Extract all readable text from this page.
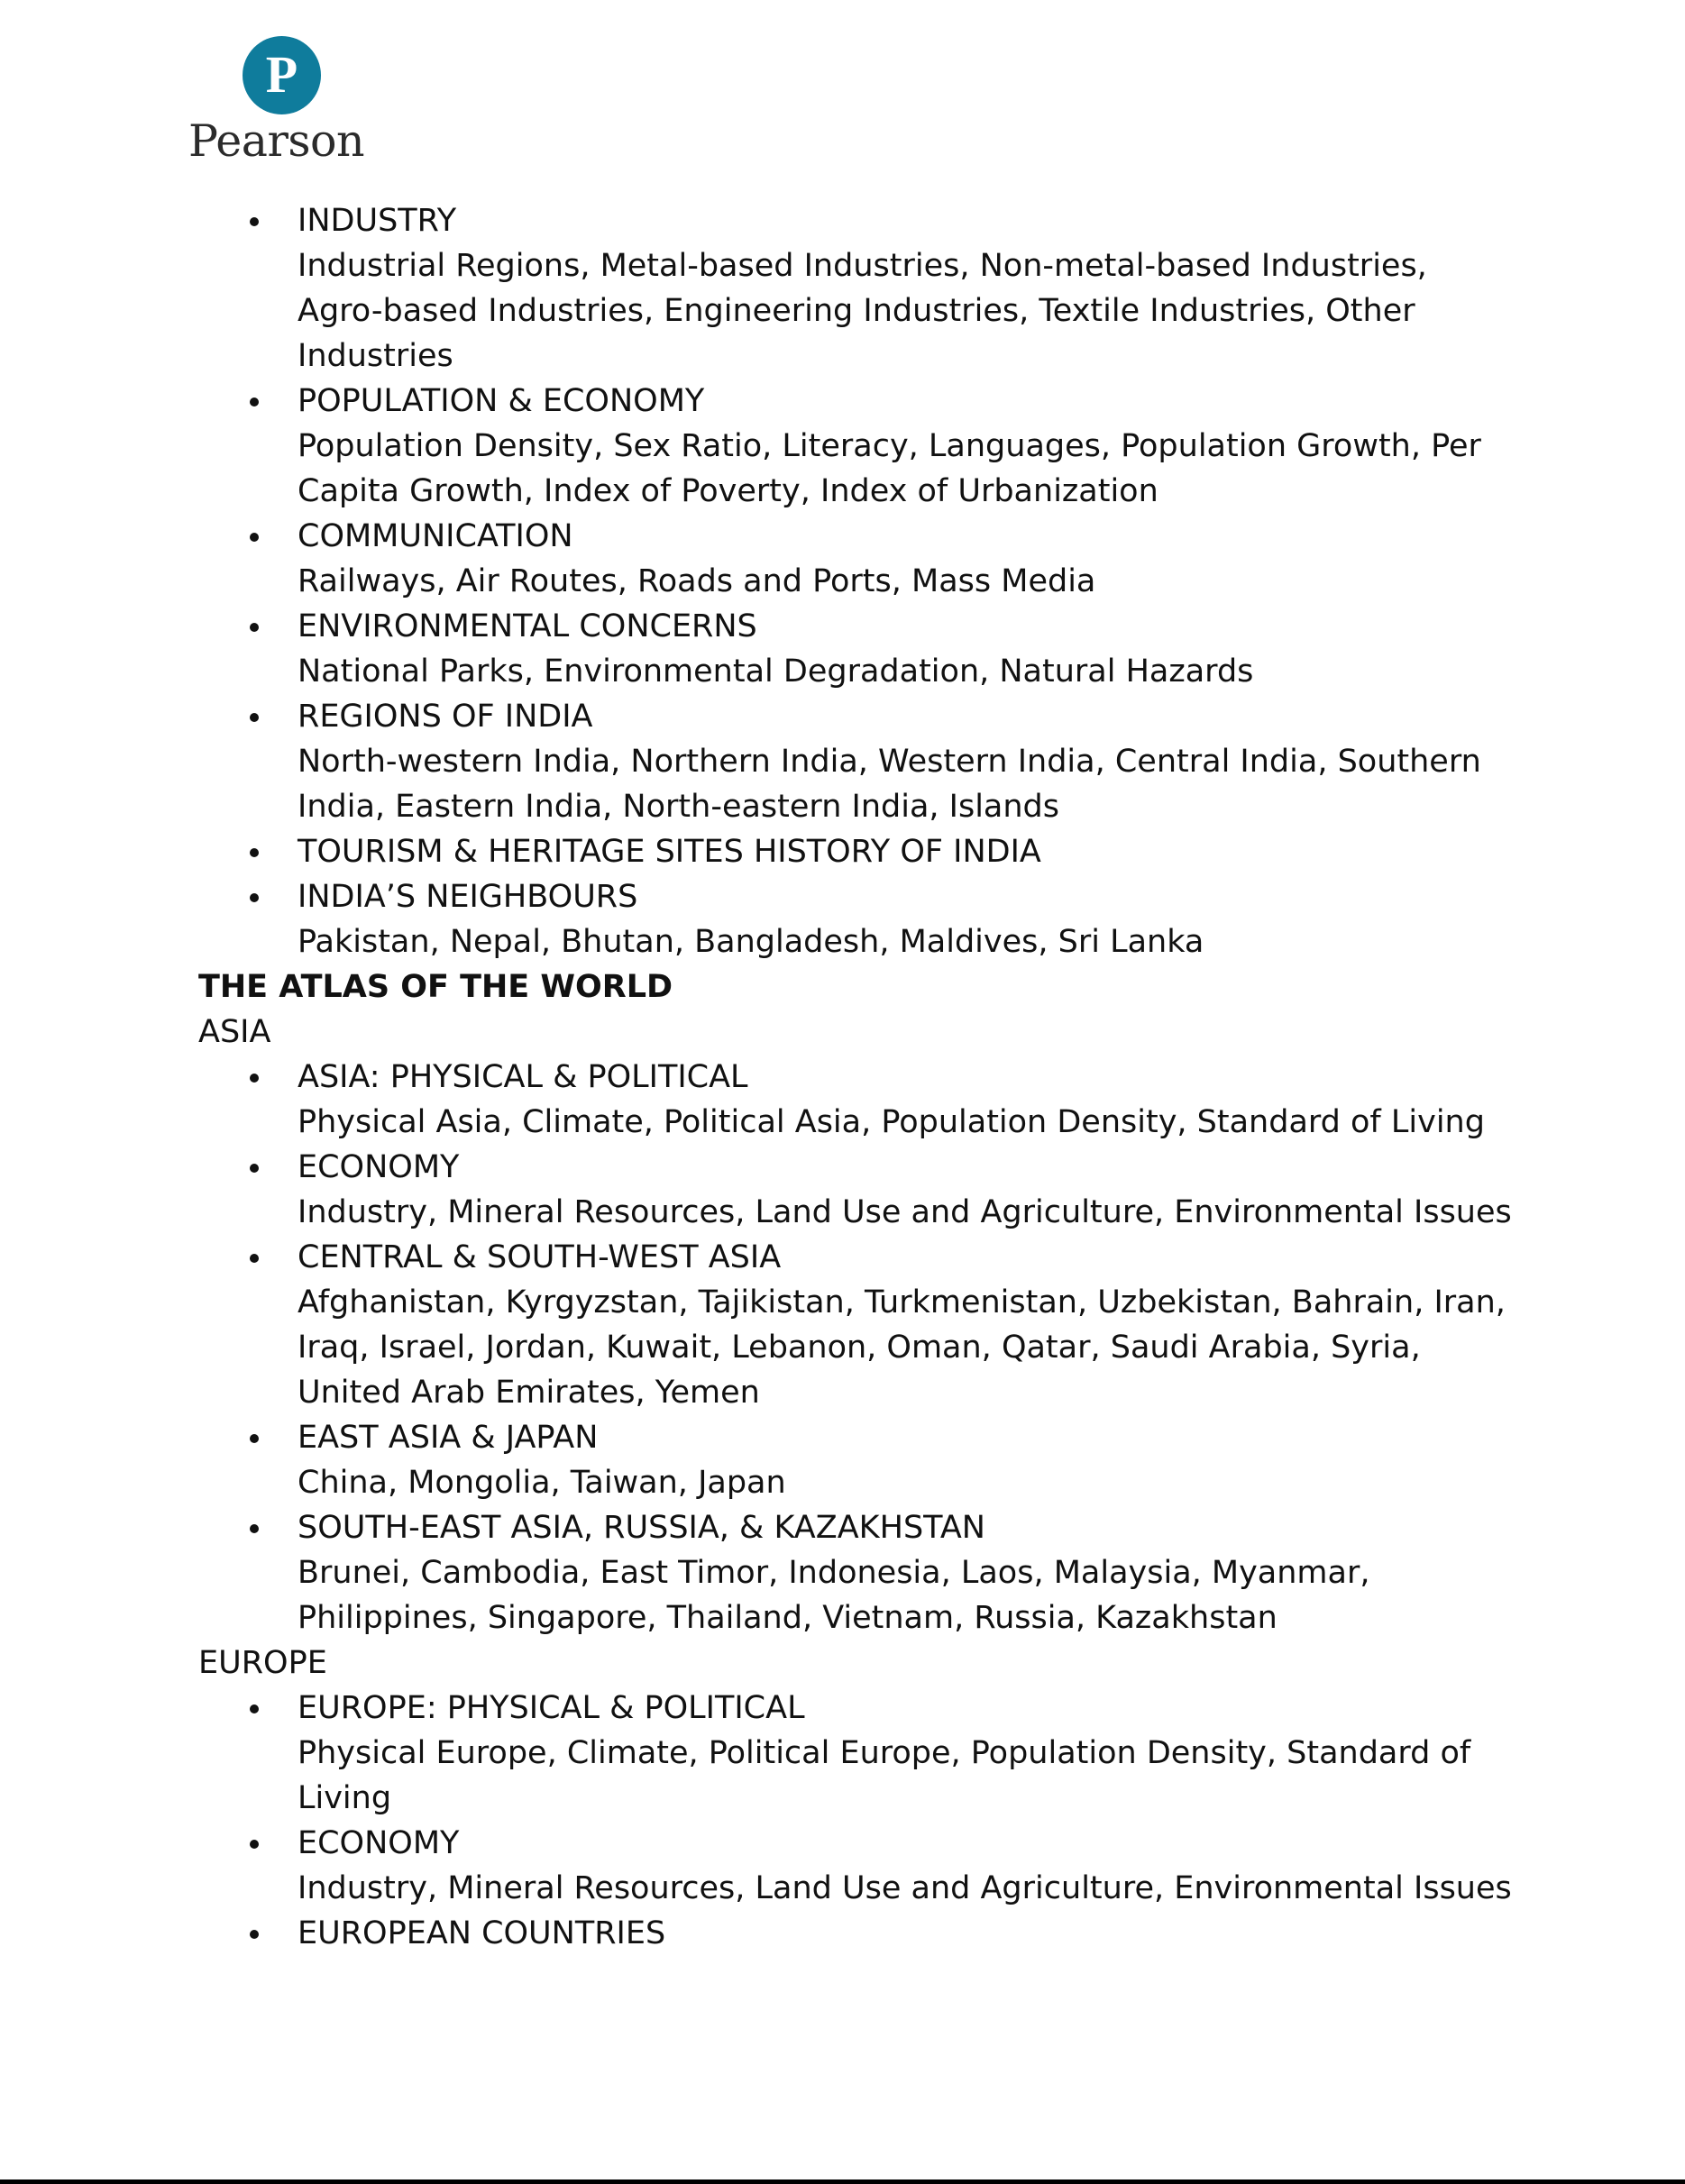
P
Pearson
INDUSTRY
Industrial Regions, Metal-based Industries, Non-metal-based Industries, Agro-based Industries, Engineering Industries, Textile Industries, Other Industries
POPULATION & ECONOMY
Population Density, Sex Ratio, Literacy, Languages, Population Growth, Per Capita Growth, Index of Poverty, Index of Urbanization
COMMUNICATION
Railways, Air Routes, Roads and Ports, Mass Media
ENVIRONMENTAL CONCERNS
National Parks, Environmental Degradation, Natural Hazards
REGIONS OF INDIA
North-western India, Northern India, Western India, Central India, Southern India, Eastern India, North-eastern India, Islands
TOURISM & HERITAGE SITES HISTORY OF INDIA
INDIA’S NEIGHBOURS
Pakistan, Nepal, Bhutan, Bangladesh, Maldives, Sri Lanka

THE ATLAS OF THE WORLD

ASIA

ASIA: PHYSICAL & POLITICAL
Physical Asia, Climate, Political Asia, Population Density, Standard of Living
ECONOMY
Industry, Mineral Resources, Land Use and Agriculture, Environmental Issues
CENTRAL & SOUTH-WEST ASIA
Afghanistan, Kyrgyzstan, Tajikistan, Turkmenistan, Uzbekistan, Bahrain, Iran, Iraq, Israel, Jordan, Kuwait, Lebanon, Oman, Qatar, Saudi Arabia, Syria, United Arab Emirates, Yemen
EAST ASIA & JAPAN
China, Mongolia, Taiwan, Japan
SOUTH-EAST ASIA, RUSSIA, & KAZAKHSTAN
Brunei, Cambodia, East Timor, Indonesia, Laos, Malaysia, Myanmar, Philippines, Singapore, Thailand, Vietnam, Russia, Kazakhstan

EUROPE

EUROPE: PHYSICAL & POLITICAL
Physical Europe, Climate, Political Europe, Population Density, Standard of Living
ECONOMY
Industry, Mineral Resources, Land Use and Agriculture, Environmental Issues
EUROPEAN COUNTRIES
